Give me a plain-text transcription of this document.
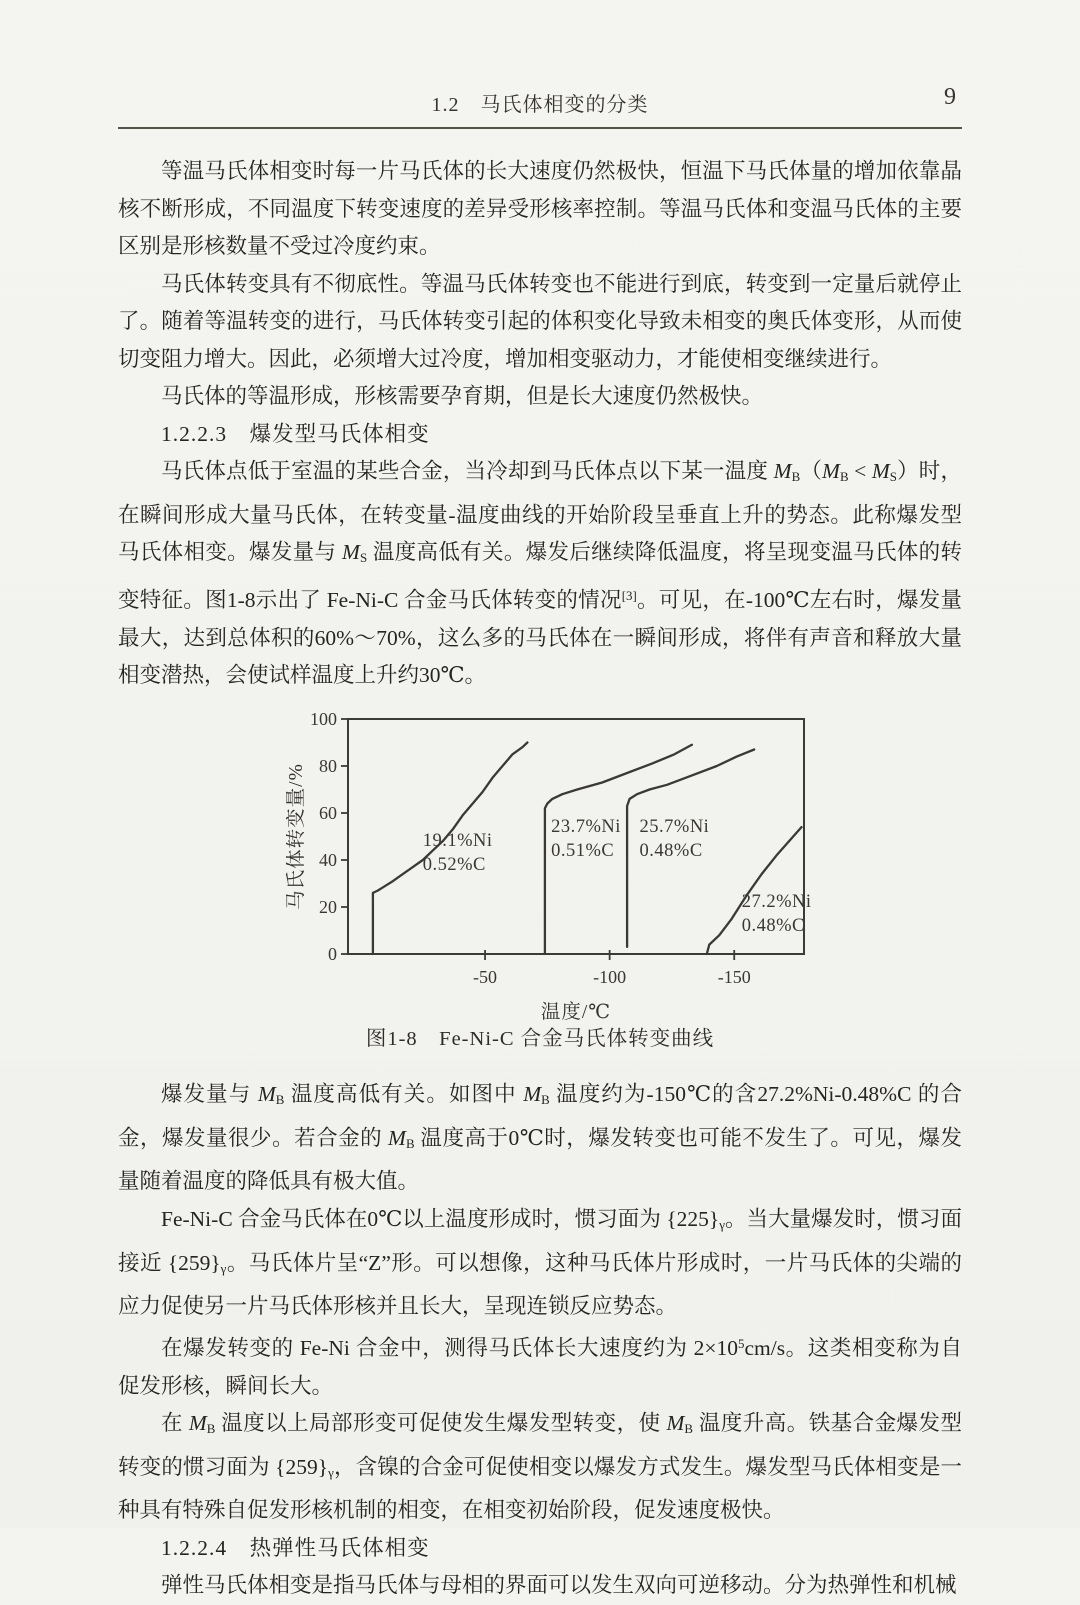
1.2　马氏体相变的分类	9

等温马氏体相变时每一片马氏体的长大速度仍然极快，恒温下马氏体量的增加依靠晶核不断形成，不同温度下转变速度的差异受形核率控制。等温马氏体和变温马氏体的主要区别是形核数量不受过冷度约束。

马氏体转变具有不彻底性。等温马氏体转变也不能进行到底，转变到一定量后就停止了。随着等温转变的进行，马氏体转变引起的体积变化导致未相变的奥氏体变形，从而使切变阻力增大。因此，必须增大过冷度，增加相变驱动力，才能使相变继续进行。

马氏体的等温形成，形核需要孕育期，但是长大速度仍然极快。

1.2.2.3　爆发型马氏体相变

马氏体点低于室温的某些合金，当冷却到马氏体点以下某一温度 $M_B(M_B < M_S)$时，在瞬间形成大量马氏体，在转变量-温度曲线的开始阶段呈垂直上升的势态。此称爆发型马氏体相变。爆发量与 $M_S$ 温度高低有关。爆发后继续降低温度，将呈现变温马氏体的转变特征。图1-8示出了 Fe-Ni-C 合金马氏体转变的情况[3]。可见，在-100℃左右时，爆发量最大，达到总体积的60%～70%，这么多的马氏体在一瞬间形成，将伴有声音和释放大量相变潜热，会使试样温度上升约30℃。

0
20
40
60
80
100
-50	-100	-150
19.1%Ni 0.52%C
23.7%Ni 0.51%C
25.7%Ni 0.48%C
27.2%Ni 0.48%C
马氏体转变量/%
温度/℃
图1-8　Fe-Ni-C 合金马氏体转变曲线

爆发量与 $M_B$ 温度高低有关。如图中 $M_B$ 温度约为-150℃的含27.2%Ni-0.48%C 的合金，爆发量很少。若合金的 $M_B$ 温度高于0℃时，爆发转变也可能不发生了。可见，爆发量随着温度的降低具有极大值。

Fe-Ni-C 合金马氏体在0℃以上温度形成时，惯习面为 $\{225\}_\gamma$。当大量爆发时，惯习面接近 $\{259\}_\gamma$。马氏体片呈“Z”形。可以想像，这种马氏体片形成时，一片马氏体的尖端的应力促使另一片马氏体形核并且长大，呈现连锁反应势态。

在爆发转变的 Fe-Ni 合金中，测得马氏体长大速度约为 $2\times 10^5cm/s$。这类相变称为自促发形核，瞬间长大。

在 $M_B$ 温度以上局部形变可促使发生爆发型转变，使 $M_B$ 温度升高。铁基合金爆发型转变的惯习面为 $\{259\}_\gamma$，含镍的合金可促使相变以爆发方式发生。爆发型马氏体相变是一种具有特殊自促发形核机制的相变，在相变初始阶段，促发速度极快。

1.2.2.4　热弹性马氏体相变

弹性马氏体相变是指马氏体与母相的界面可以发生双向可逆移动。分为热弹性和机械
